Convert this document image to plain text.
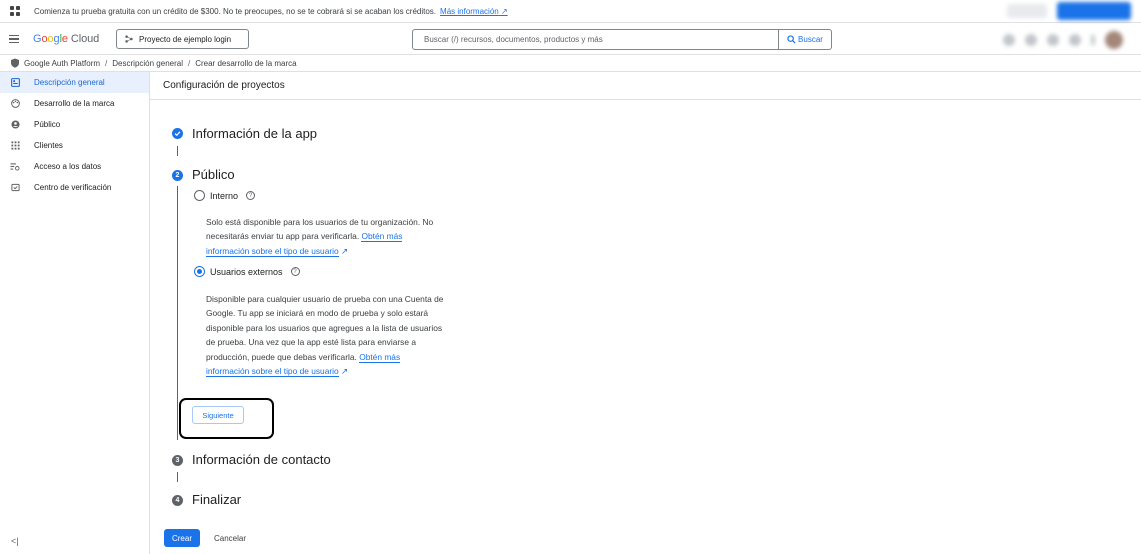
Comienza tu prueba gratuita con un crédito de $300. No te preocupes, no se te cobrará si se acaban los créditos. Más información ↗
Google Cloud	Proyecto de ejemplo login	Buscar (/) recursos, documentos, productos y más	Buscar
Google Auth Platform / Descripción general / Crear desarrollo de la marca
Descripción general
Desarrollo de la marca
Público
Clientes
Acceso a los datos
Centro de verificación
<|
Configuración de proyectos
Información de la app
2 Público
Interno	?
Solo está disponible para los usuarios de tu organización. No
necesitarás enviar tu app para verificarla. Obtén más
información sobre el tipo de usuario ↗
Usuarios externos	?
Disponible para cualquier usuario de prueba con una Cuenta de
Google. Tu app se iniciará en modo de prueba y solo estará
disponible para los usuarios que agregues a la lista de usuarios
de prueba. Una vez que la app esté lista para enviarse a
producción, puede que debas verificarla. Obtén más
información sobre el tipo de usuario ↗
Siguiente
3 Información de contacto
4 Finalizar
Crear	Cancelar
